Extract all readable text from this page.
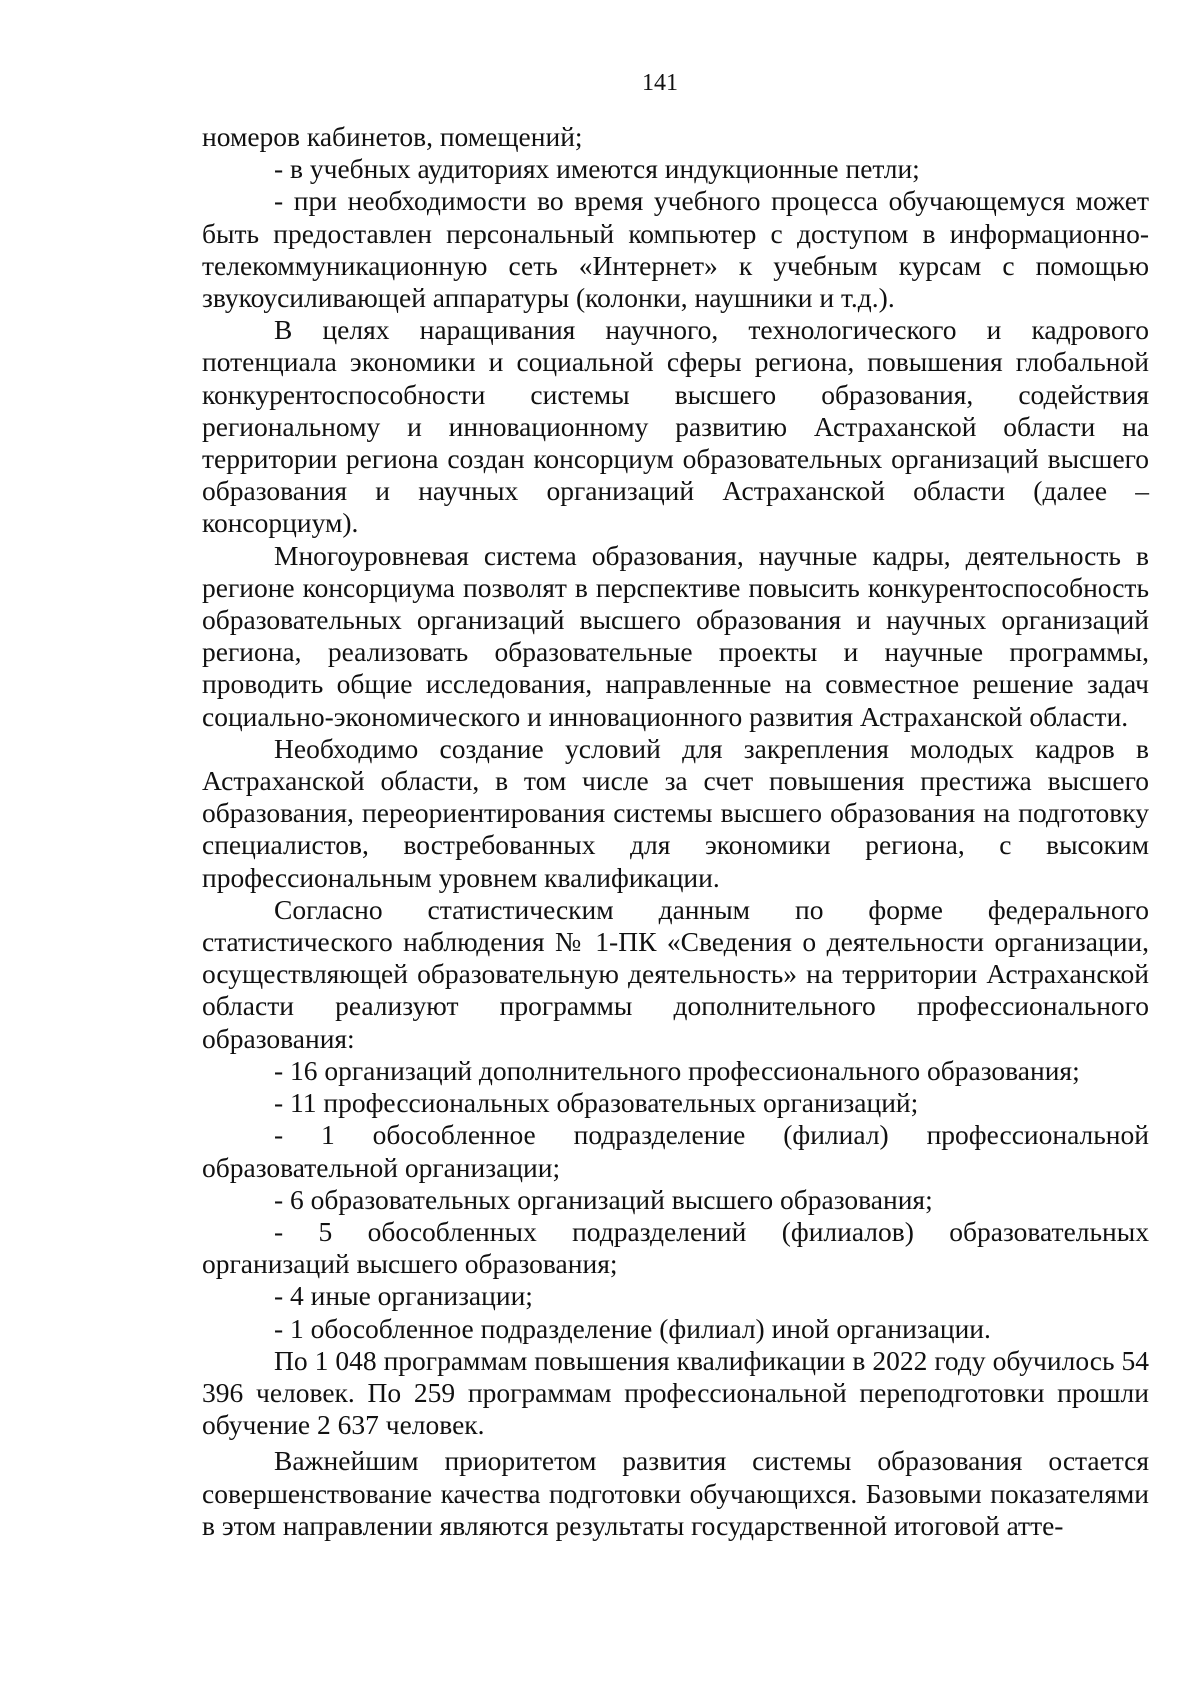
141

номеров кабинетов, помещений;

- в учебных аудиториях имеются индукционные петли;

- при необходимости во время учебного процесса обучающемуся может быть предоставлен персональный компьютер с доступом в информационно-телекоммуникационную сеть «Интернет» к учебным курсам с помощью звукоусиливающей аппаратуры (колонки, наушники и т.д.).

В целях наращивания научного, технологического и кадрового потенциала экономики и социальной сферы региона, повышения глобальной конкурентоспособности системы высшего образования, содействия региональному и инновационному развитию Астраханской области на территории региона создан консорциум образовательных организаций высшего образования и научных организаций Астраханской области (далее – консорциум).

Многоуровневая система образования, научные кадры, деятельность в регионе консорциума позволят в перспективе повысить конкурентоспособность образовательных организаций высшего образования и научных организаций региона, реализовать образовательные проекты и научные программы, проводить общие исследования, направленные на совместное решение задач социально-экономического и инновационного развития Астраханской области.

Необходимо создание условий для закрепления молодых кадров в Астраханской области, в том числе за счет повышения престижа высшего образования, переориентирования системы высшего образования на подготовку специалистов, востребованных для экономики региона, с высоким профессиональным уровнем квалификации.

Согласно статистическим данным по форме федерального статистического наблюдения № 1-ПК «Сведения о деятельности организации, осуществляющей образовательную деятельность» на территории Астраханской области реализуют программы дополнительного профессионального образования:

- 16 организаций дополнительного профессионального образования;

- 11 профессиональных образовательных организаций;

- 1 обособленное подразделение (филиал) профессиональной образовательной организации;

- 6 образовательных организаций высшего образования;

- 5 обособленных подразделений (филиалов) образовательных организаций высшего образования;

- 4 иные организации;

- 1 обособленное подразделение (филиал) иной организации.

По 1 048 программам повышения квалификации в 2022 году обучилось 54 396 человек. По 259 программам профессиональной переподготовки прошли обучение 2 637 человек.

Важнейшим приоритетом развития системы образования остается совершенствование качества подготовки обучающихся. Базовыми показателями в этом направлении являются результаты государственной итоговой атте-
